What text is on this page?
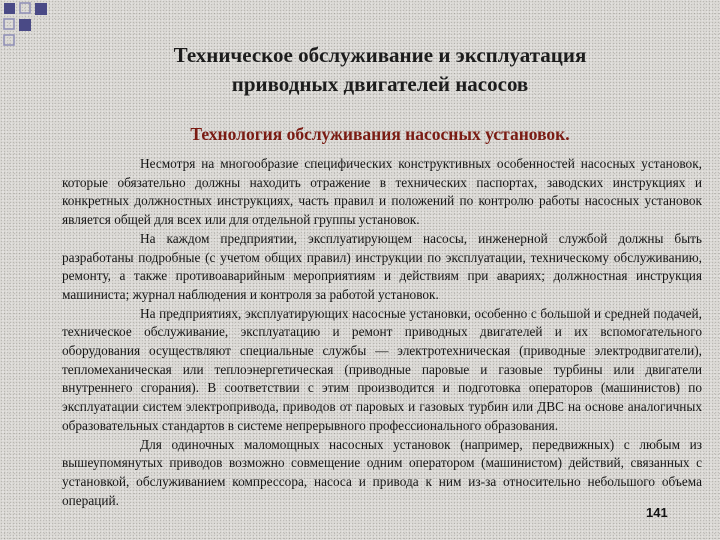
Техническое обслуживание и эксплуатация
приводных двигателей насосов
Технология обслуживания насосных установок.

Несмотря на многообразие специфических конструктивных особенностей насосных установок, которые обязательно должны находить отражение в технических паспортах, заводских инструкциях и конкретных должностных инструкциях, часть правил и положений по контролю работы насосных установок является общей для всех или для отдельной группы установок.

На каждом предприятии, эксплуатирующем насосы, инженерной службой должны быть разработаны подробные (с учетом общих правил) инструкции по эксплуатации, техническому обслуживанию, ремонту, а также противоаварийным мероприятиям и действиям при авариях; должностная инструкция машиниста; журнал наблюдения и контроля за работой установок.

На предприятиях, эксплуатирующих насосные установки, особенно с большой и средней подачей, техническое обслуживание, эксплуатацию и ремонт приводных двигателей и их вспомогательного оборудования осуществляют специальные службы — электротехническая (приводные электродвигатели), тепломеханическая или теплоэнергетическая (приводные паровые и газовые турбины или двигатели внутреннего сгорания). В соответствии с этим производится и подготовка операторов (машинистов) по эксплуатации систем электропривода, приводов от паровых и газовых турбин или ДВС на основе аналогичных образовательных стандартов в системе непрерывного профессионального образования.

Для одиночных маломощных насосных установок (например, передвижных) с любым из вышеупомянутых приводов возможно совмещение одним оператором (машинистом) действий, связанных с установкой, обслуживанием компрессора, насоса и привода к ним из-за относительно небольшого объема операций.

141
